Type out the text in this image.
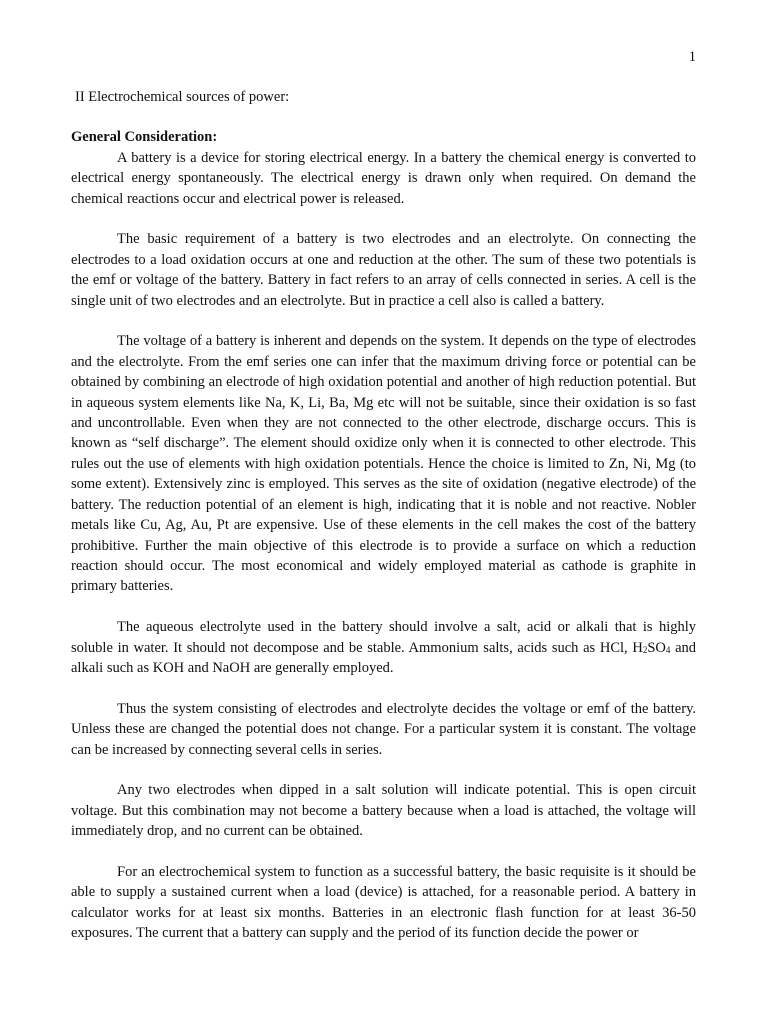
1
II Electrochemical sources of power:
General Consideration:

A battery is a device for storing electrical energy. In a battery the chemical energy is converted to electrical energy spontaneously. The electrical energy is drawn only when required. On demand the chemical reactions occur and electrical power is released.

The basic requirement of a battery is two electrodes and an electrolyte. On connecting the electrodes to a load oxidation occurs at one and reduction at the other. The sum of these two potentials is the emf or voltage of the battery. Battery in fact refers to an array of cells connected in series. A cell is the single unit of two electrodes and an electrolyte. But in practice a cell also is called a battery.

The voltage of a battery is inherent and depends on the system. It depends on the type of electrodes and the electrolyte. From the emf series one can infer that the maximum driving force or potential can be obtained by combining an electrode of high oxidation potential and another of high reduction potential. But in aqueous system elements like Na, K, Li, Ba, Mg etc will not be suitable, since their oxidation is so fast and uncontrollable. Even when they are not connected to the other electrode, discharge occurs. This is known as “self discharge”. The element should oxidize only when it is connected to other electrode. This rules out the use of elements with high oxidation potentials. Hence the choice is limited to Zn, Ni, Mg (to some extent). Extensively zinc is employed. This serves as the site of oxidation (negative electrode) of the battery. The reduction potential of an element is high, indicating that it is noble and not reactive. Nobler metals like Cu, Ag, Au, Pt are expensive. Use of these elements in the cell makes the cost of the battery prohibitive. Further the main objective of this electrode is to provide a surface on which a reduction reaction should occur. The most economical and widely employed material as cathode is graphite in primary batteries.

The aqueous electrolyte used in the battery should involve a salt, acid or alkali that is highly soluble in water. It should not decompose and be stable. Ammonium salts, acids such as HCl, $H_2SO_4$ and alkali such as KOH and NaOH are generally employed.

Thus the system consisting of electrodes and electrolyte decides the voltage or emf of the battery. Unless these are changed the potential does not change. For a particular system it is constant. The voltage can be increased by connecting several cells in series.

Any two electrodes when dipped in a salt solution will indicate potential. This is open circuit voltage. But this combination may not become a battery because when a load is attached, the voltage will immediately drop, and no current can be obtained.

For an electrochemical system to function as a successful battery, the basic requisite is it should be able to supply a sustained current when a load (device) is attached, for a reasonable period. A battery in calculator works for at least six months. Batteries in an electronic flash function for at least 36-50 exposures. The current that a battery can supply and the period of its function decide the power or
